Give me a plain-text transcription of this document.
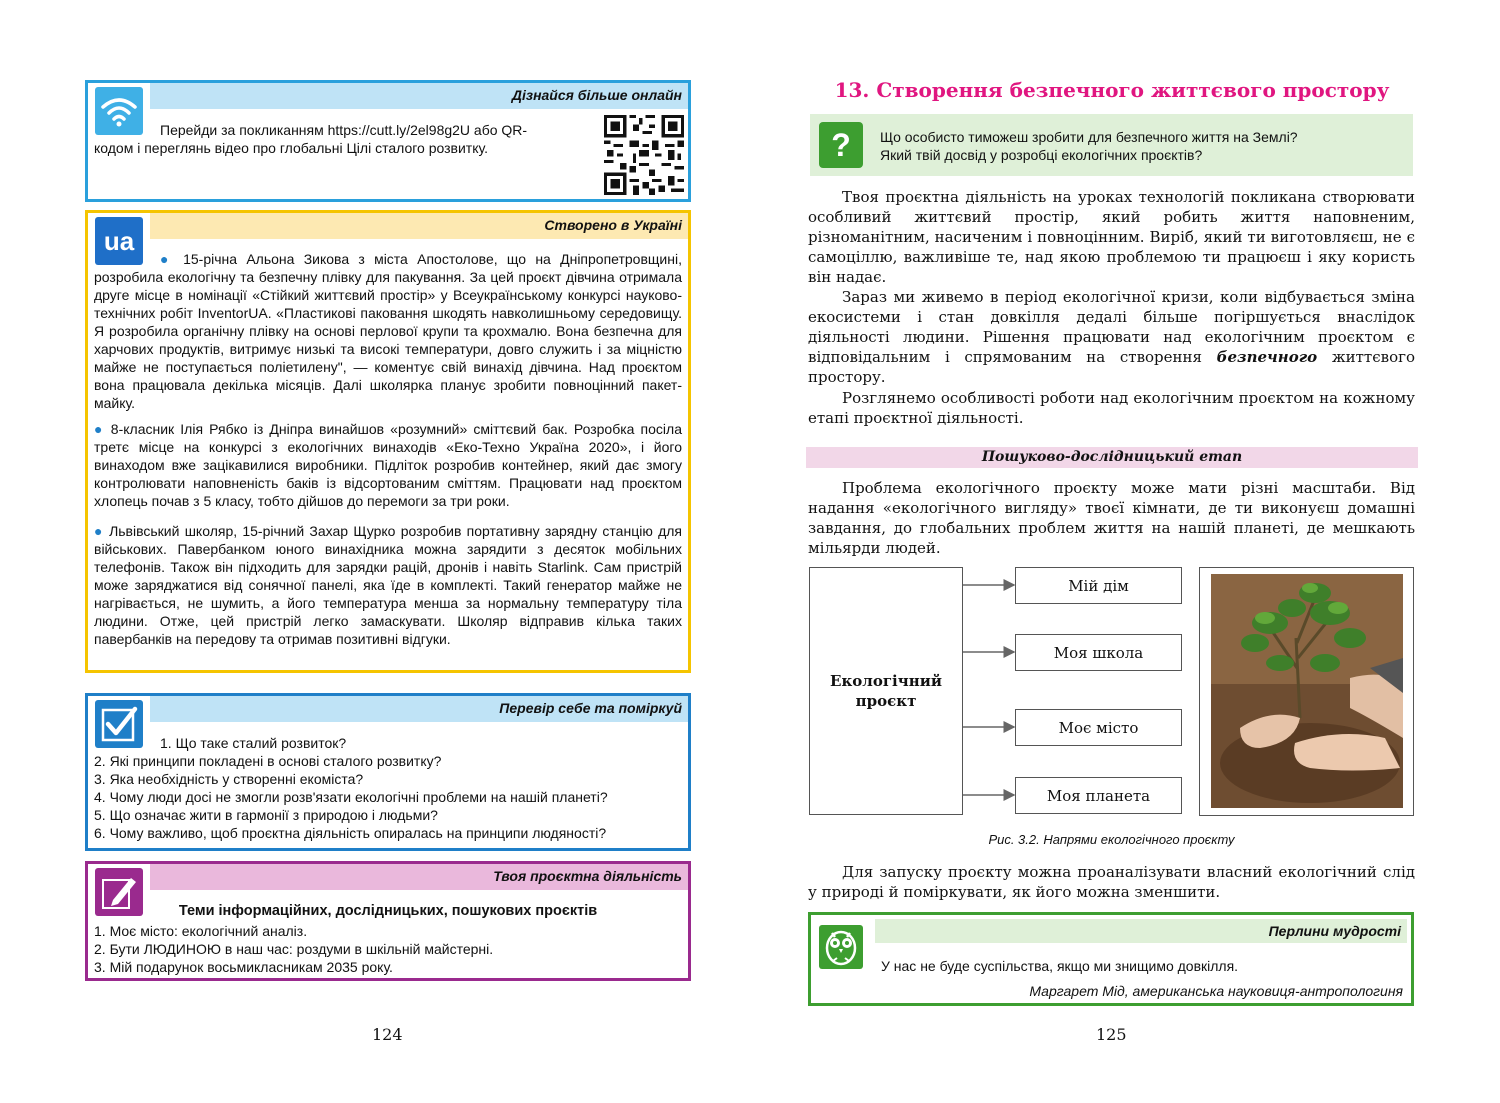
Дізнайся більше онлайн

Перейди за покликанням https://cutt.ly/2el98g2U або QR-кодом і переглянь відео про глобальні Цілі сталого розвитку.

ua
Створено в Україні

● 15-річна Альона Зикова з міста Апостолове, що на Дніпропетровщині, розробила екологічну та безпечну плівку для пакування. За цей проєкт дівчина отримала друге місце в номінації «Стійкий життєвий простір» у Всеукраїнському конкурсі науково-технічних робіт InventorUA. «Пластикові паковання шкодять навколишньому середовищу. Я розробила органічну плівку на основі перлової крупи та крохмалю. Вона безпечна для харчових продуктів, витримує низькі та високі температури, довго служить і за міцністю майже не поступається поліетилену", — коментує свій винахід дівчина. Над проєктом вона працювала декілька місяців. Далі школярка планує зробити повноцінний пакет-майку.

● 8-класник Ілія Рябко із Дніпра винайшов «розумний» сміттєвий бак. Розробка посіла третє місце на конкурсі з екологічних винаходів «Еко-Техно Україна 2020», і його винаходом вже зацікавилися виробники. Підліток розробив контейнер, який дає змогу контролювати наповненість баків із відсортованим сміттям. Працювати над проєктом хлопець почав з 5 класу, тобто дійшов до перемоги за три роки.

● Львівський школяр, 15-річний Захар Щурко розробив портативну зарядну станцію для військових. Павербанком юного винахідника можна зарядити з десяток мобільних телефонів. Також він підходить для зарядки рацій, дронів і навіть Starlink. Сам пристрій може заряджатися від сонячної панелі, яка їде в комплекті. Такий генератор майже не нагрівається, не шумить, а його температура менша за нормальну температуру тіла людини. Отже, цей пристрій легко замаскувати. Школяр відправив кілька таких павербанків на передову та отримав позитивні відгуки.

Перевір себе та поміркуй
1. Що таке сталий розвиток?
2. Які принципи покладені в основі сталого розвитку?
3. Яка необхідність у створенні екомiста?
4. Чому люди досі не змогли розв'язати екологічні проблеми на нашій планеті?
5. Що означає жити в гармонії з природою і людьми?
6. Чому важливо, щоб проєктна діяльність опиралась на принципи людяності?
Твоя проєктна діяльність
Теми інформаційних, дослідницьких, пошукових проєктів
1. Моє місто: екологічний аналіз.
2. Бути ЛЮДИНОЮ в наш час: роздуми в шкільній майстерні.
3. Мій подарунок восьмикласникам 2035 року.
124
13. Створення безпечного життєвого простору
?	Що особисто тиможеш зробити для безпечного життя на Землі?
Який твій досвід у розробці екологічних проєктів?

Твоя проєктна діяльність на уроках технологій покликана створювати особливий життєвий простір, який робить життя наповненим, різноманітним, насиченим і повноцінним. Виріб, який ти виготовляєш, не є самоціллю, важливіше те, над якою проблемою ти працюєш і яку користь він надає.

Зараз ми живемо в період екологічної кризи, коли відбувається зміна екосистеми і стан довкілля дедалі більше погіршується внаслідок діяльності людини. Рішення працювати над екологічним проєктом є відповідальним і спрямованим на створення безпечного життєвого простору.

Розглянемо особливості роботи над екологічним проєктом на кожному етапі проєктної діяльності.

Пошуково-дослідницький етап

Проблема екологічного проєкту може мати різні масштаби. Від надання «екологічного вигляду» твоєї кімнати, де ти виконуєш домашні завдання, до глобальних проблем життя на нашій планеті, де мешкають мільярди людей.

Екологічний
проєкт
Мій дім
Моя школа
Моє місто
Моя планета
Рис. 3.2. Напрями екологічного проєкту

Для запуску проєкту можна проаналізувати власний екологічний слід у природі й поміркувати, як його можна зменшити.

Перлини мудрості
У нас не буде суспільства, якщо ми знищимо довкілля.
Маргарет Мід, американська науковиця-антропологиня
125
